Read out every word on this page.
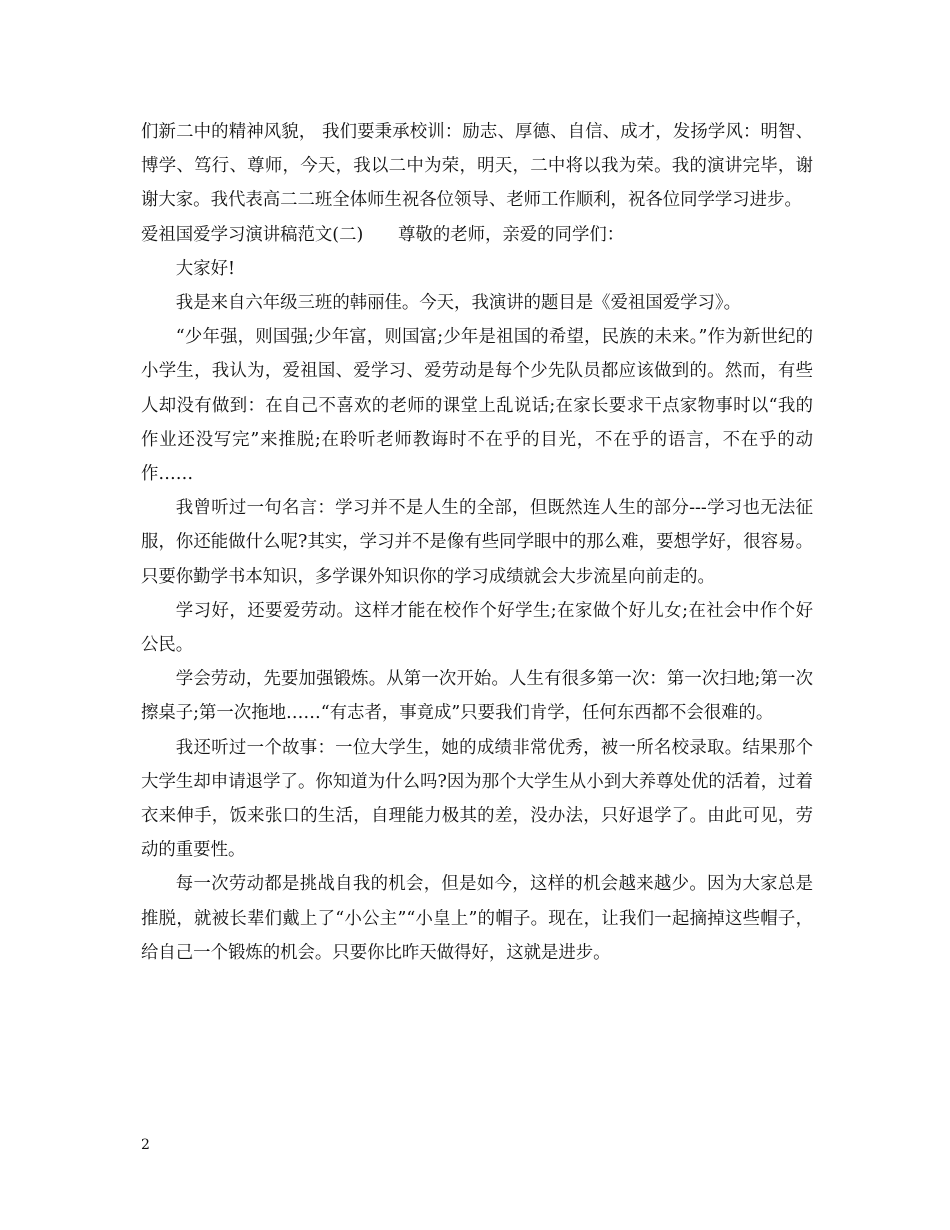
们新二中的精神风貌， 我们要秉承校训：励志、厚德、自信、成才，发扬学风：明智、博学、笃行、尊师，今天，我以二中为荣，明天，二中将以我为荣。我的演讲完毕，谢谢大家。我代表高二二班全体师生祝各位领导、老师工作顺利，祝各位同学学习进步。

爱祖国爱学习演讲稿范文(二)　　尊敬的老师，亲爱的同学们：

大家好!

我是来自六年级三班的韩丽佳。今天，我演讲的题目是《爱祖国爱学习》。

“少年强，则国强;少年富，则国富;少年是祖国的希望，民族的未来。”作为新世纪的小学生，我认为，爱祖国、爱学习、爱劳动是每个少先队员都应该做到的。然而，有些人却没有做到：在自己不喜欢的老师的课堂上乱说话;在家长要求干点家物事时以“我的作业还没写完”来推脱;在聆听老师教诲时不在乎的目光，不在乎的语言，不在乎的动作……

我曾听过一句名言：学习并不是人生的全部，但既然连人生的部分---学习也无法征服，你还能做什么呢?其实，学习并不是像有些同学眼中的那么难，要想学好，很容易。只要你勤学书本知识，多学课外知识你的学习成绩就会大步流星向前走的。

学习好，还要爱劳动。这样才能在校作个好学生;在家做个好儿女;在社会中作个好公民。

学会劳动，先要加强锻炼。从第一次开始。人生有很多第一次：第一次扫地;第一次擦桌子;第一次拖地……“有志者，事竟成”只要我们肯学，任何东西都不会很难的。

我还听过一个故事：一位大学生，她的成绩非常优秀，被一所名校录取。结果那个大学生却申请退学了。你知道为什么吗?因为那个大学生从小到大养尊处优的活着，过着衣来伸手，饭来张口的生活，自理能力极其的差，没办法，只好退学了。由此可见，劳动的重要性。

每一次劳动都是挑战自我的机会，但是如今，这样的机会越来越少。因为大家总是推脱，就被长辈们戴上了“小公主”“小皇上”的帽子。现在，让我们一起摘掉这些帽子，给自己一个锻炼的机会。只要你比昨天做得好，这就是进步。

2
